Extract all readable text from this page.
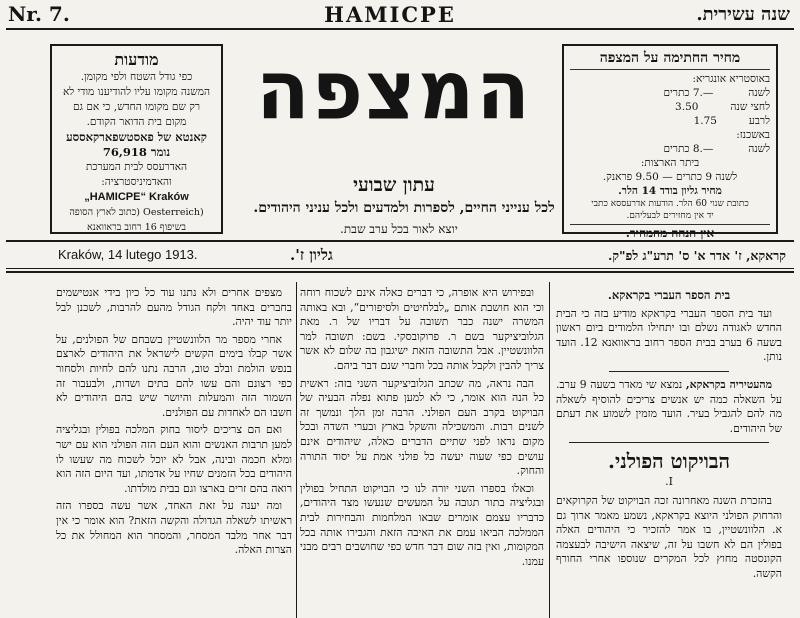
Nr. 7.	HAMICPE	שנה עשירית.
מודעות
כפי גודל השטח ולפי מקומן.
המשנה מקומו עליו להודיענו מודי לא
רק שם מקומו החדש, כי אם גם
מקום בית הדואר הקודם.
קאנטא של פאסטשפארקאססע נומר 76,918
האדרעסס לבית המערכת והאדמיניסטרציה:
„HAMICPE“ Kraków
(Oesterreich (כתוב לארץ הסופה
בשיפוף 16 רחוב בראוואנא
המצפה
עתון שבועי
לכל ענייני החיים, לספרות ולמדעים ולכל עניני היהודים.
יוצא לאור בכל ערב שבת.
מחיר החתימה על המצפה
באוסטריא אונגריא:
לשנה 7.— כתרים
לחצי שנה 3.50
לרבע 1.75
באשכנז:
לשנה 8.— כתרים
ביתר הארצות:
לשנה 9 כתרים — 9.50 פראנק.
מחיר גליון בודד 14 הלר.
כתובת שנוי 60 הלר. הודעות אדרעססא כתבי
יד אין מחזירים לבעליהם.
אין הנחה מהמחיר.
Kraków, 14 lutego 1913.	גליון ז'.	קראקא, ז' אדר א' ס' תרע"ג לפ"ק.

בית הספר העברי בקראקא.

ועד בית הספר העברי בקראקא מודיע בזה כי הבית החדש לאגודה נשלם ובו יתחילו הלמודים ביום ראשון בשעה 6 בערב בבית הספר רחוב בראוואנא 12. הועד נותן.

מהעטיריה בקראקא, נמצא שי מאדר בשעה 9 ערב. על השאלה כמה יש אנשים צריכים להוסיף לשאלה מה להם להגביל בעיר. הועד מזמין לשמוע את דעתם של היהודים.

הבויקוט הפולני.

I.

בהזכרת השנה מאחרונה זכה הבויקוט של הקרוקאים והרחוק הפולני היוצא בקראקא, נשמע מאמר ארוך גם א. הלוונשטיין, בו אמר להזכיר כי היהודים האלה בפולין הם לא חשבו על זה, שיצאה הישיבה לבעצמה הקונסטה מחוץ לכל המקרים שנוספו אחרי החורף הקשה.

ובפירוש היא אופרה, כי דברים כאלה אינם לשכוח רוחה וכי הוא חושבת אותם „לבלחיטים ולסיפורים“, ובא באותה המשרה ישנה כבר תשובה על דבריו של ר. מאת הגלוביציקער בשם ר. פרוקובסקי. בשם: תשובה למר הלוונשטיין. אבל התשובה הזאת ישיגבון בה שלום לא אשר צריך להבין ולקבל אותה בכל וחברי שנם דבר ביהם.

הבה נראה, מה שכתב הגלוביציקער השני בזה: ראשית כל הנה הוא אומר, כי לא למען פתוא נפלה הבעיה של הבויקוט בקרב העם הפולני. הרבה זמן הלך ונמשך זה לשנים רבות. והמשכילה והשקל בארץ ובערי השדה ובכל מקום נראו לפני שתיים הדברים כאלה, שיהודים אינם עושים כפי שעוה יעשה כל פולני אמת על יסוד התורה והחוק.

וכאלו בספרו השני יורה לנו כי הבויקוט התחיל בפולין ובגליציה בתור תגובה על המעשים שנעשו מצד היהודים, כדבריו עצמם אומרים שבאו המלחמות והבחירות לבית הממלכה הביאו עמם את האיבה הזאת והגבירו אותה בכל המקומות, ואין בזה שום דבר חדש כפי שחושבים רבים מבני עמנו.

מצפים אחרים ולא נתנו עוד כל כיון בידי אנטישמים בחברים באחד ולקח הגודל מהעם להרבות, לשכנן לבל יותר עוד יהיה.

אחרי מספר מר הלוונשטיין בשבחם של הפולנים, על אשר קבלו בימים הקשים לישראל את היהודים לארצם בנפש הולמת ובלב טוב, הרבה נתנו להם לחיות ולסחור כפי רצונם והם עשו להם בתים ושדות, ולבעבור זה השמור הזה והמעלות והיושר שיש בהם היהודים לא חשבו הם לאחדות עם הפולנים.

ואם הם צריכים ליסור בחוק המלכה בפולין ובגליציה למען תרבות האנשים והוא העם הזה הפולני הוא עם ישר ומלא חכמה ובינה, אבל לא יוכל לשכוח מה שעשו לו היהודים בכל הזמנים שחיו על אדמתו, ועד היום הזה הוא רואה בהם זרים בארצו וגם בבית מולדתו.

ומה יענה על זאת האחד, אשר עשה בספרו הזה ראשיתו לשאלה הגדולה והקשה הזאת? הוא אומר כי אין דבר אחר מלבד המסחר, והמסחר הוא המחולל את כל הצרות האלה.
